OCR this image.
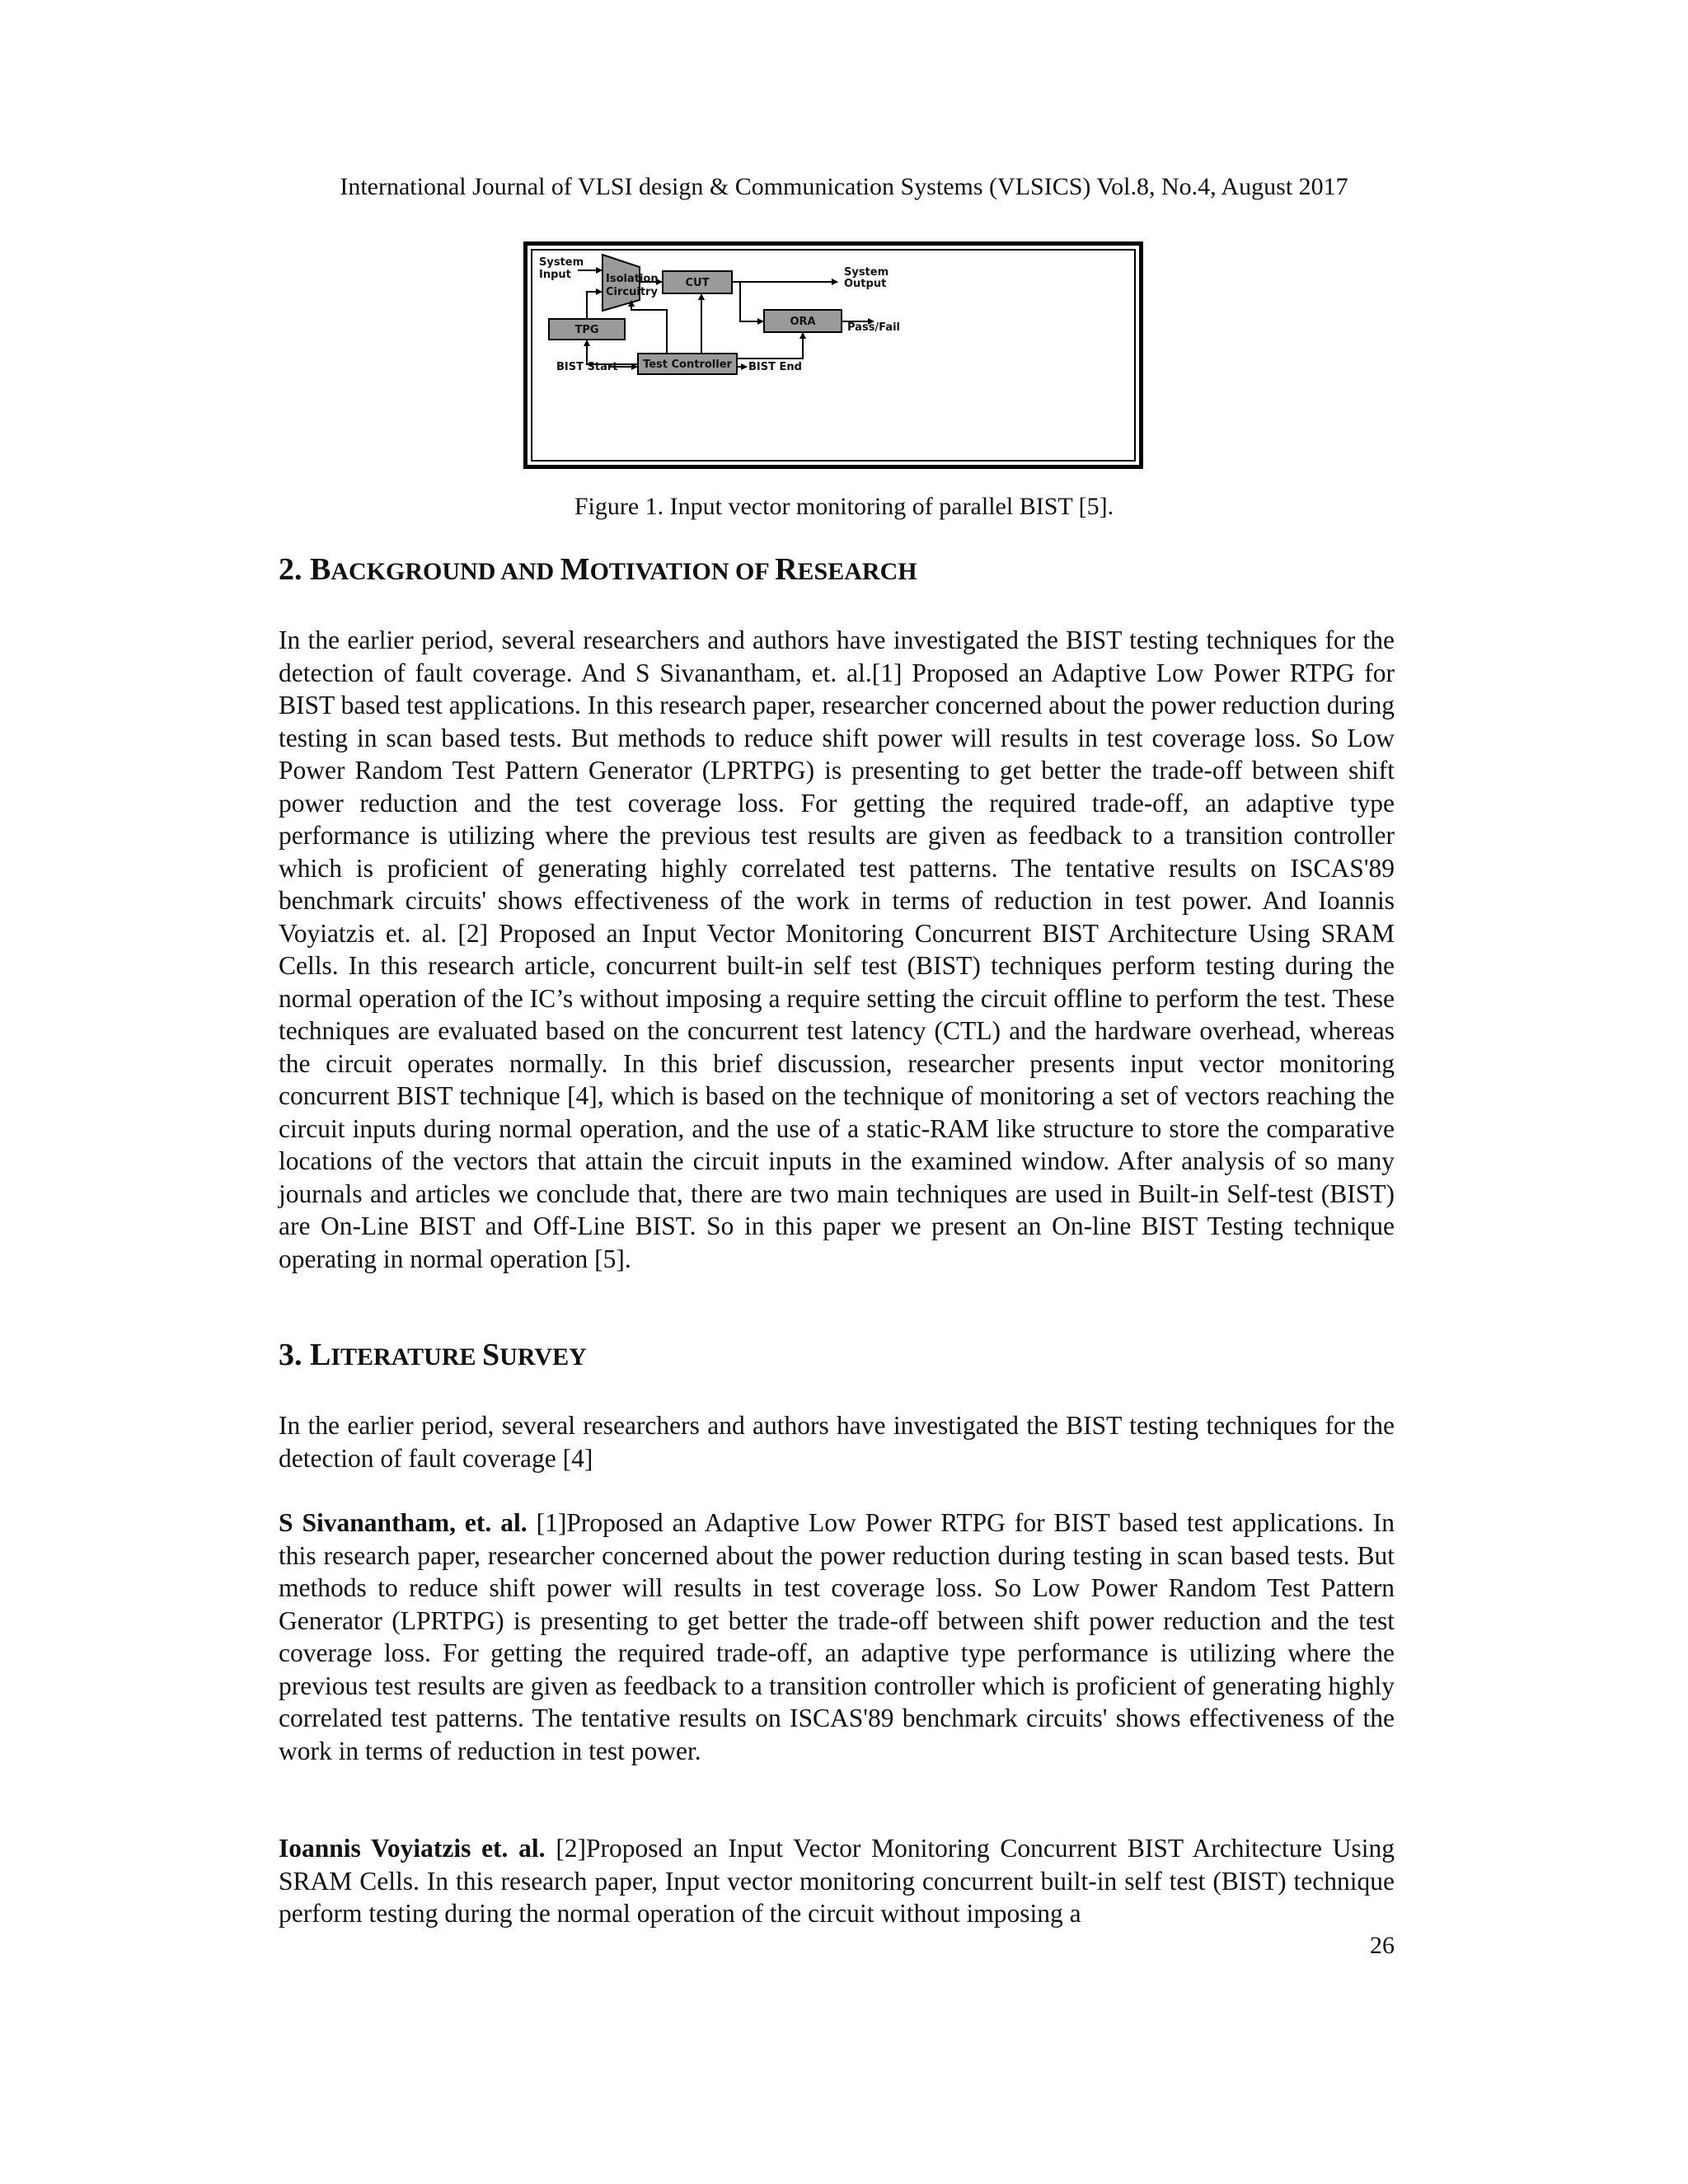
International Journal of VLSI design & Communication Systems (VLSICS) Vol.8, No.4, August 2017
Isolation
Circuitry
CUT
ORA
TPG
Test Controller
System
Input	System
Output
Pass/Fail
BIST Start	BIST End
Figure 1. Input vector monitoring of parallel BIST [5].
2. BACKGROUND AND MOTIVATION OF RESEARCH

In the earlier period, several researchers and authors have investigated the BIST testing techniques for the detection of fault coverage. And S Sivanantham, et. al.[1] Proposed an Adaptive Low Power RTPG for BIST based test applications. In this research paper, researcher concerned about the power reduction during testing in scan based tests. But methods to reduce shift power will results in test coverage loss. So Low Power Random Test Pattern Generator (LPRTPG) is presenting to get better the trade-off between shift power reduction and the test coverage loss. For getting the required trade-off, an adaptive type performance is utilizing where the previous test results are given as feedback to a transition controller which is proficient of generating highly correlated test patterns. The tentative results on ISCAS'89 benchmark circuits' shows effectiveness of the work in terms of reduction in test power. And Ioannis Voyiatzis et. al. [2] Proposed an Input Vector Monitoring Concurrent BIST Architecture Using SRAM Cells. In this research article, concurrent built-in self test (BIST) techniques perform testing during the normal operation of the IC’s without imposing a require setting the circuit offline to perform the test. These techniques are evaluated based on the concurrent test latency (CTL) and the hardware overhead, whereas the circuit operates normally. In this brief discussion, researcher presents input vector monitoring concurrent BIST technique [4], which is based on the technique of monitoring a set of vectors reaching the circuit inputs during normal operation, and the use of a static-RAM like structure to store the comparative locations of the vectors that attain the circuit inputs in the examined window. After analysis of so many journals and articles we conclude that, there are two main techniques are used in Built-in Self-test (BIST) are On-Line BIST and Off-Line BIST. So in this paper we present an On-line BIST Testing technique operating in normal operation [5].

3. LITERATURE SURVEY

In the earlier period, several researchers and authors have investigated the BIST testing techniques for the detection of fault coverage [4]

S Sivanantham, et. al. [1]Proposed an Adaptive Low Power RTPG for BIST based test applications. In this research paper, researcher concerned about the power reduction during testing in scan based tests. But methods to reduce shift power will results in test coverage loss. So Low Power Random Test Pattern Generator (LPRTPG) is presenting to get better the trade-off between shift power reduction and the test coverage loss. For getting the required trade-off, an adaptive type performance is utilizing where the previous test results are given as feedback to a transition controller which is proficient of generating highly correlated test patterns. The tentative results on ISCAS'89 benchmark circuits' shows effectiveness of the work in terms of reduction in test power.

Ioannis Voyiatzis et. al. [2]Proposed an Input Vector Monitoring Concurrent BIST Architecture Using SRAM Cells. In this research paper, Input vector monitoring concurrent built-in self test (BIST) technique perform testing during the normal operation of the circuit without imposing a

26
